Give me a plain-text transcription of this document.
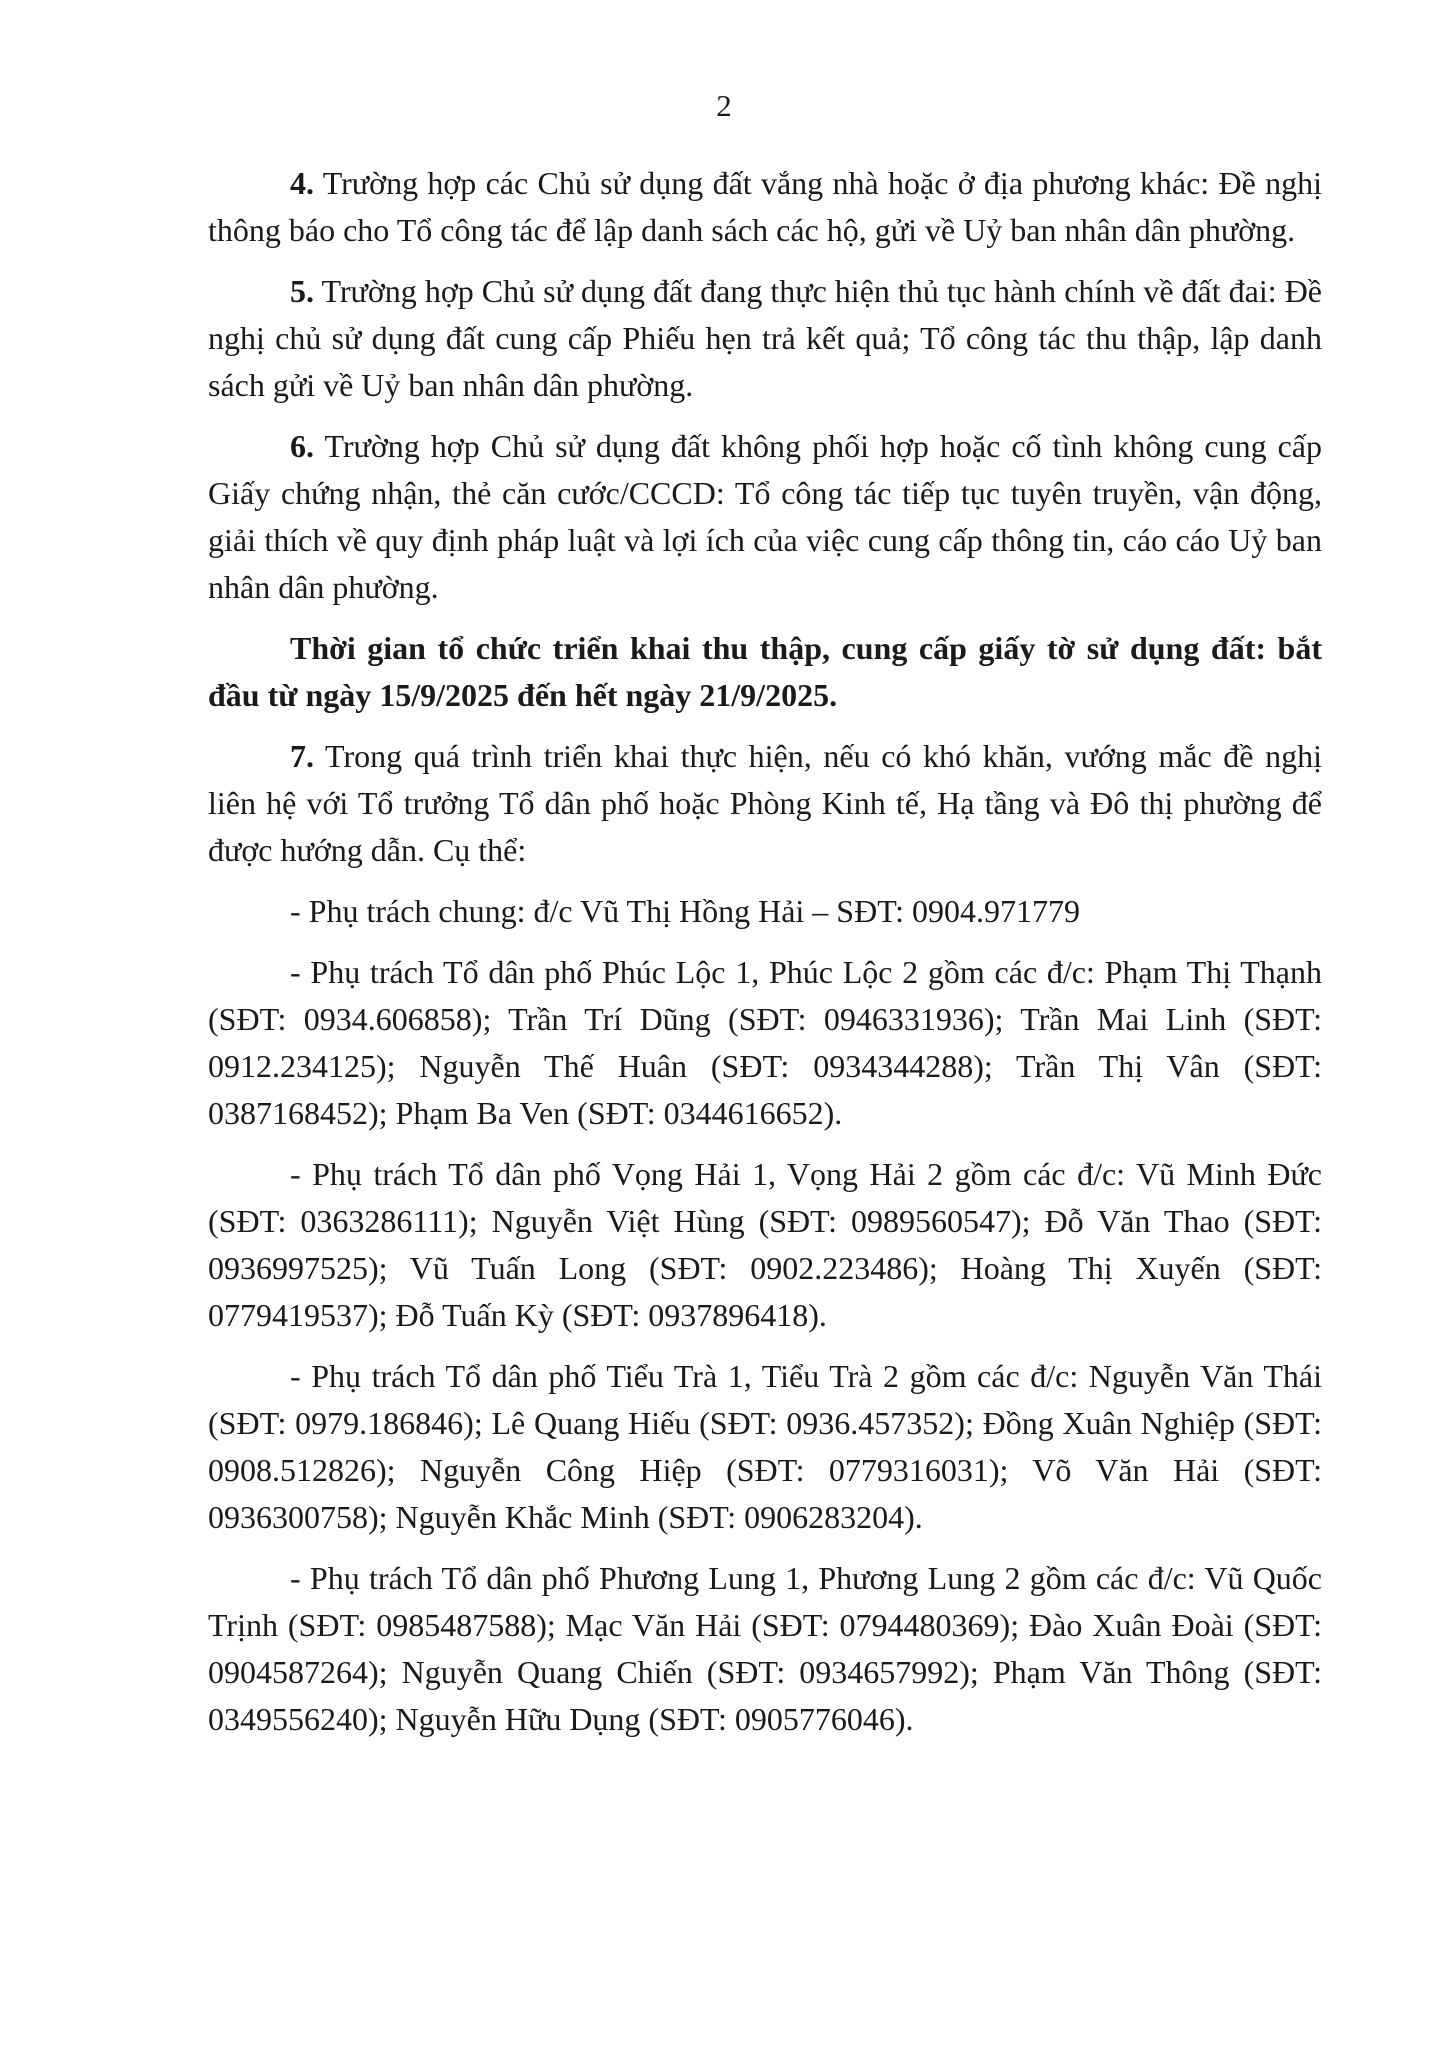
2

4. Trường hợp các Chủ sử dụng đất vắng nhà hoặc ở địa phương khác: Đề nghị thông báo cho Tổ công tác để lập danh sách các hộ, gửi về Uỷ ban nhân dân phường.

5. Trường hợp Chủ sử dụng đất đang thực hiện thủ tục hành chính về đất đai: Đề nghị chủ sử dụng đất cung cấp Phiếu hẹn trả kết quả; Tổ công tác thu thập, lập danh sách gửi về Uỷ ban nhân dân phường.

6. Trường hợp Chủ sử dụng đất không phối hợp hoặc cố tình không cung cấp Giấy chứng nhận, thẻ căn cước/CCCD: Tổ công tác tiếp tục tuyên truyền, vận động, giải thích về quy định pháp luật và lợi ích của việc cung cấp thông tin, cáo cáo Uỷ ban nhân dân phường.

Thời gian tổ chức triển khai thu thập, cung cấp giấy tờ sử dụng đất: bắt đầu từ ngày 15/9/2025 đến hết ngày 21/9/2025.

7. Trong quá trình triển khai thực hiện, nếu có khó khăn, vướng mắc đề nghị liên hệ với Tổ trưởng Tổ dân phố hoặc Phòng Kinh tế, Hạ tầng và Đô thị phường để được hướng dẫn. Cụ thể:

- Phụ trách chung: đ/c Vũ Thị Hồng Hải – SĐT: 0904.971779

- Phụ trách Tổ dân phố Phúc Lộc 1, Phúc Lộc 2 gồm các đ/c: Phạm Thị Thạnh (SĐT: 0934.606858); Trần Trí Dũng (SĐT: 0946331936); Trần Mai Linh (SĐT: 0912.234125); Nguyễn Thế Huân (SĐT: 0934344288); Trần Thị Vân (SĐT: 0387168452); Phạm Ba Ven (SĐT: 0344616652).

- Phụ trách Tổ dân phố Vọng Hải 1, Vọng Hải 2 gồm các đ/c: Vũ Minh Đức (SĐT: 0363286111); Nguyễn Việt Hùng (SĐT: 0989560547); Đỗ Văn Thao (SĐT: 0936997525); Vũ Tuấn Long (SĐT: 0902.223486); Hoàng Thị Xuyến (SĐT: 0779419537); Đỗ Tuấn Kỳ (SĐT: 0937896418).

- Phụ trách Tổ dân phố Tiểu Trà 1, Tiểu Trà 2 gồm các đ/c: Nguyễn Văn Thái (SĐT: 0979.186846); Lê Quang Hiếu (SĐT: 0936.457352); Đồng Xuân Nghiệp (SĐT: 0908.512826); Nguyễn Công Hiệp (SĐT: 0779316031); Võ Văn Hải (SĐT: 0936300758); Nguyễn Khắc Minh (SĐT: 0906283204).

- Phụ trách Tổ dân phố Phương Lung 1, Phương Lung 2 gồm các đ/c: Vũ Quốc Trịnh (SĐT: 0985487588); Mạc Văn Hải (SĐT: 0794480369); Đào Xuân Đoài (SĐT: 0904587264); Nguyễn Quang Chiến (SĐT: 0934657992); Phạm Văn Thông (SĐT: 0349556240); Nguyễn Hữu Dụng (SĐT: 0905776046).
